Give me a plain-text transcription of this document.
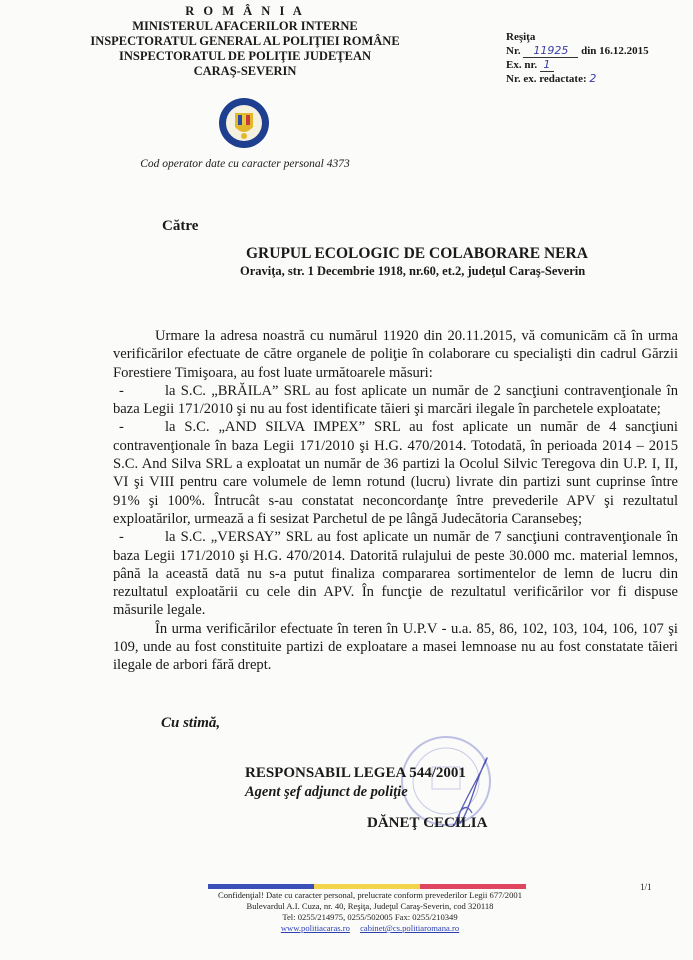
R O M Â N I A
MINISTERUL AFACERILOR INTERNE
INSPECTORATUL GENERAL AL POLIŢIEI ROMÂNE
INSPECTORATUL DE POLIŢIE JUDEŢEAN
CARAŞ-SEVERIN
Cod operator date cu caracter personal 4373
Reşiţa
Nr. 11925 din 16.12.2015
Ex. nr. 1
Nr. ex. redactate: 2
Către
GRUPUL ECOLOGIC DE COLABORARE NERA
Oraviţa, str. 1 Decembrie 1918, nr.60, et.2, judeţul Caraş-Severin

Urmare la adresa noastră cu numărul 11920 din 20.11.2015, vă comunicăm că în urma verificărilor efectuate de către organele de poliţie în colaborare cu specialişti din cadrul Gărzii Forestiere Timişoara, au fost luate următoarele măsuri:

-	la S.C. „BRĂILA” SRL au fost aplicate un număr de 2 sancţiuni contravenţionale în baza Legii 171/2010 şi nu au fost identificate tăieri şi marcări ilegale în parchetele exploatate;

-	la S.C. „AND SILVA IMPEX” SRL au fost aplicate un număr de 4 sancţiuni contravenţionale în baza Legii 171/2010 şi H.G. 470/2014. Totodată, în perioada 2014 – 2015 S.C. And Silva SRL a exploatat un număr de 36 partizi la Ocolul Silvic Teregova din U.P. I, II, VI şi VIII pentru care volumele de lemn rotund (lucru) livrate din partizi sunt cuprinse între 91% şi 100%. Întrucât s-au constatat neconcordanţe între prevederile APV şi rezultatul exploatărilor, urmează a fi sesizat Parchetul de pe lângă Judecătoria Caransebeş;

-	la S.C. „VERSAY” SRL au fost aplicate un număr de 7 sancţiuni contravenţionale în baza Legii 171/2010 şi H.G. 470/2014. Datorită rulajului de peste 30.000 mc. material lemnos, până la această dată nu s-a putut finaliza compararea sortimentelor de lemn de lucru din rezultatul exploatării cu cele din APV. În funcţie de rezultatul verificărilor vor fi dispuse măsurile legale.

În urma verificărilor efectuate în teren în U.P.V - u.a. 85, 86, 102, 103, 104, 106, 107 şi 109, unde au fost constituite partizi de exploatare a masei lemnoase nu au fost constatate tăieri ilegale de arbori fără drept.

Cu stimă,
RESPONSABIL LEGEA 544/2001
Agent şef adjunct de poliţie
DĂNEŢ CECILIA
Confidenţial! Date cu caracter personal, prelucrate conform prevederilor Legii 677/2001
Bulevardul A.I. Cuza, nr. 40, Reşiţa, Judeţul Caraş-Severin, cod 320118
Tel: 0255/214975, 0255/502005 Fax: 0255/210349
www.politiacaras.ro cabinet@cs.politiaromana.ro
1/1
